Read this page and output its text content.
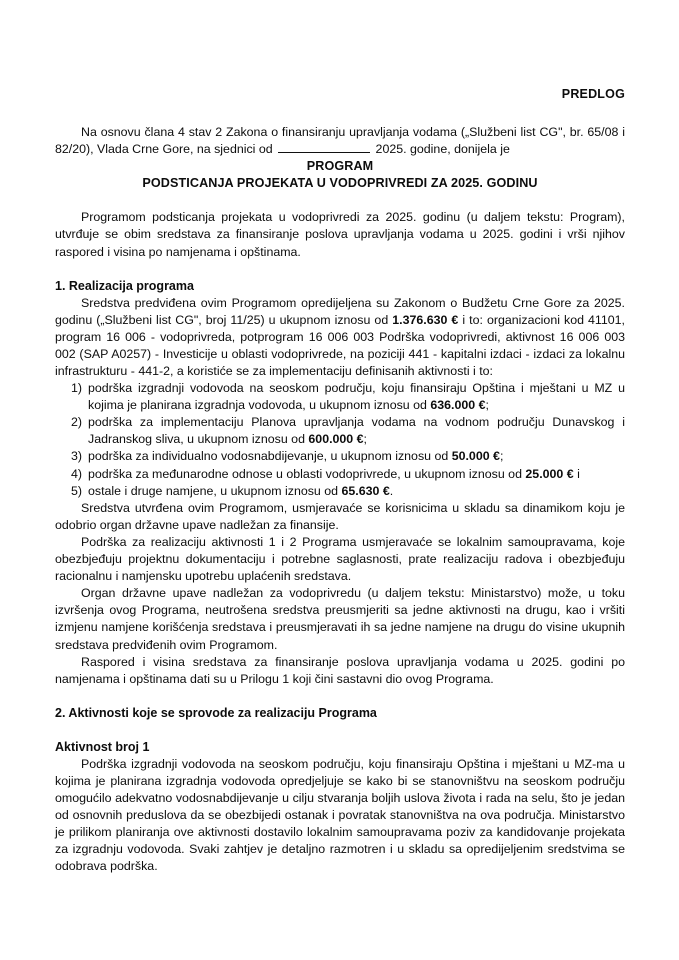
PREDLOG

Na osnovu člana 4 stav 2 Zakona o finansiranju upravljanja vodama („Službeni list CG", br. 65/08 i 82/20), Vlada Crne Gore, na sjednici od	2025. godine, donijela je

PROGRAM
PODSTICANJA PROJEKATA U VODOPRIVREDI ZA 2025. GODINU

Programom podsticanja projekata u vodoprivredi za 2025. godinu (u daljem tekstu: Program), utvrđuje se obim sredstava za finansiranje poslova upravljanja vodama u 2025. godini i vrši njihov raspored i visina po namjenama i opštinama.

1. Realizacija programa

Sredstva predviđena ovim Programom opredijeljena su Zakonom o Budžetu Crne Gore za 2025. godinu („Službeni list CG", broj 11/25) u ukupnom iznosu od 1.376.630 € i to: organizacioni kod 41101, program 16 006 - vodoprivreda, potprogram 16 006 003 Podrška vodoprivredi, aktivnost 16 006 003 002 (SAP A0257) - Investicije u oblasti vodoprivrede, na poziciji 441 - kapitalni izdaci - izdaci za lokalnu infrastrukturu - 441-2, a koristiće se za implementaciju definisanih aktivnosti i to:

1) podrška izgradnji vodovoda na seoskom području, koju finansiraju Opština i mještani u MZ u kojima je planirana izgradnja vodovoda, u ukupnom iznosu od 636.000 €;
2) podrška za implementaciju Planova upravljanja vodama na vodnom području Dunavskog i Jadranskog sliva, u ukupnom iznosu od 600.000 €;
3) podrška za individualno vodosnabdijevanje, u ukupnom iznosu od 50.000 €;
4) podrška za međunarodne odnose u oblasti vodoprivrede, u ukupnom iznosu od 25.000 € i
5) ostale i druge namjene, u ukupnom iznosu od 65.630 €.

Sredstva utvrđena ovim Programom, usmjeravaće se korisnicima u skladu sa dinamikom koju je odobrio organ državne upave nadležan za finansije.

Podrška za realizaciju aktivnosti 1 i 2 Programa usmjeravaće se lokalnim samoupravama, koje obezbjeđuju projektnu dokumentaciju i potrebne saglasnosti, prate realizaciju radova i obezbjeđuju racionalnu i namjensku upotrebu uplaćenih sredstava.

Organ državne upave nadležan za vodoprivredu (u daljem tekstu: Ministarstvo) može, u toku izvršenja ovog Programa, neutrošena sredstva preusmjeriti sa jedne aktivnosti na drugu, kao i vršiti izmjenu namjene korišćenja sredstava i preusmjeravati ih sa jedne namjene na drugu do visine ukupnih sredstava predviđenih ovim Programom.

Raspored i visina sredstava za finansiranje poslova upravljanja vodama u 2025. godini po namjenama i opštinama dati su u Prilogu 1 koji čini sastavni dio ovog Programa.

2. Aktivnosti koje se sprovode za realizaciju Programa
Aktivnost broj 1

Podrška izgradnji vodovoda na seoskom području, koju finansiraju Opština i mještani u MZ-ma u kojima je planirana izgradnja vodovoda opredjeljuje se kako bi se stanovništvu na seoskom području omogućilo adekvatno vodosnabdijevanje u cilju stvaranja boljih uslova života i rada na selu, što je jedan od osnovnih preduslova da se obezbijedi ostanak i povratak stanovništva na ova područja. Ministarstvo je prilikom planiranja ove aktivnosti dostavilo lokalnim samoupravama poziv za kandidovanje projekata za izgradnju vodovoda. Svaki zahtjev je detaljno razmotren i u skladu sa opredijeljenim sredstvima se odobrava podrška.
